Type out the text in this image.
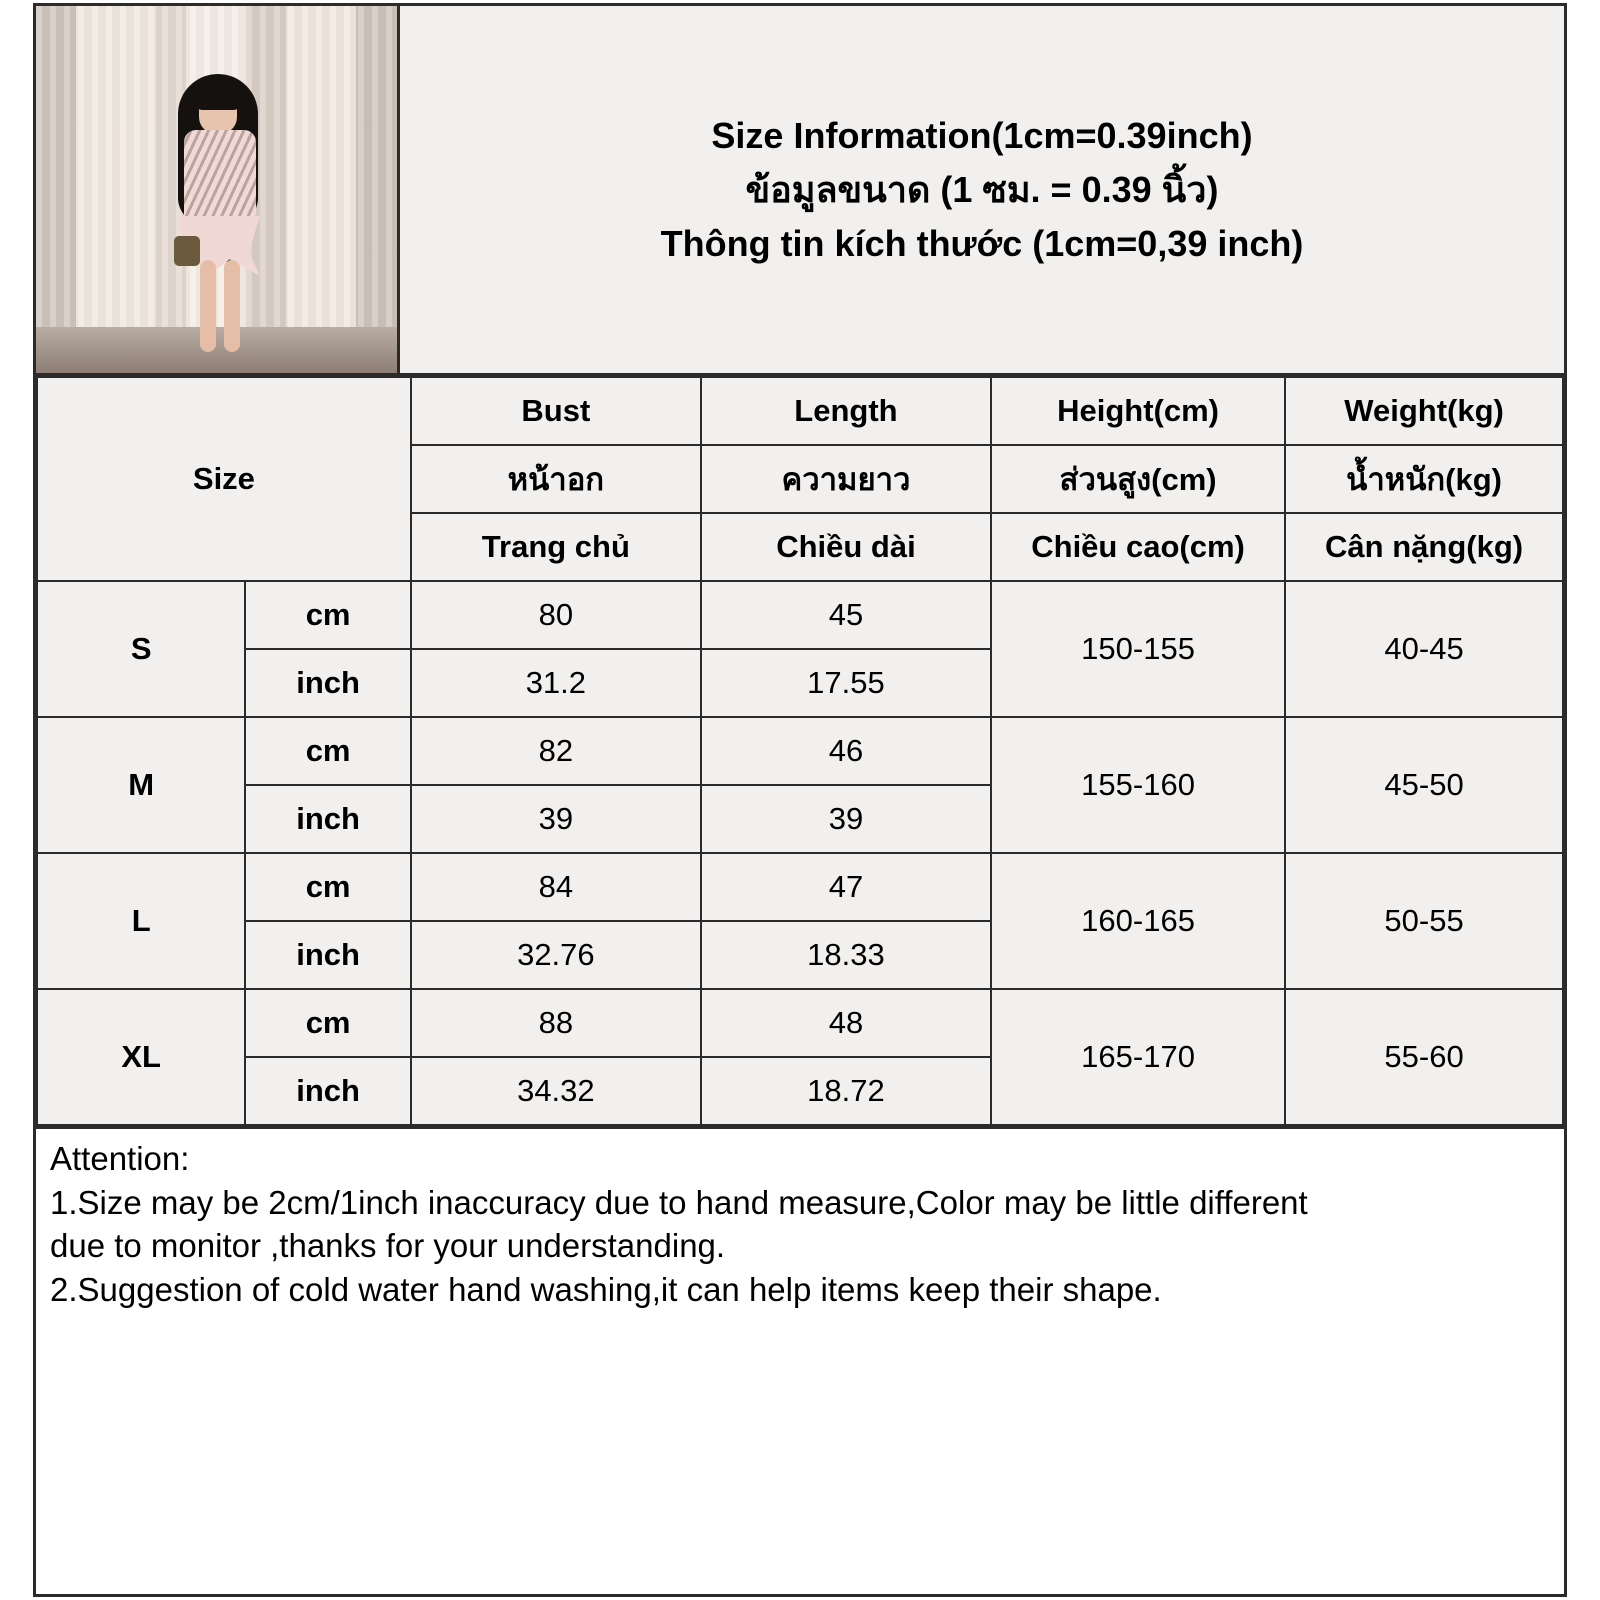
Size Information(1cm=0.39inch)
ข้อมูลขนาด (1 ซม. = 0.39 นิ้ว)
Thông tin kích thước (1cm=0,39 inch)
Size		Bust	Length	Height(cm)	Weight(kg)
		หน้าอก	ความยาว	ส่วนสูง(cm)	น้ำหนัก(kg)
		Trang chủ	Chiều dài	Chiều cao(cm)	Cân nặng(kg)
S	cm	80	45	150-155	40-45
	inch	31.2	17.55		
M	cm	82	46	155-160	45-50
	inch	39	39		
L	cm	84	47	160-165	50-55
	inch	32.76	18.33		
XL	cm	88	48	165-170	55-60
	inch	34.32	18.72		

Attention:

1.Size may be 2cm/1inch inaccuracy due to hand measure,Color may be little different

due to monitor ,thanks for your understanding.

2.Suggestion of cold water hand washing,it can help items keep their shape.
